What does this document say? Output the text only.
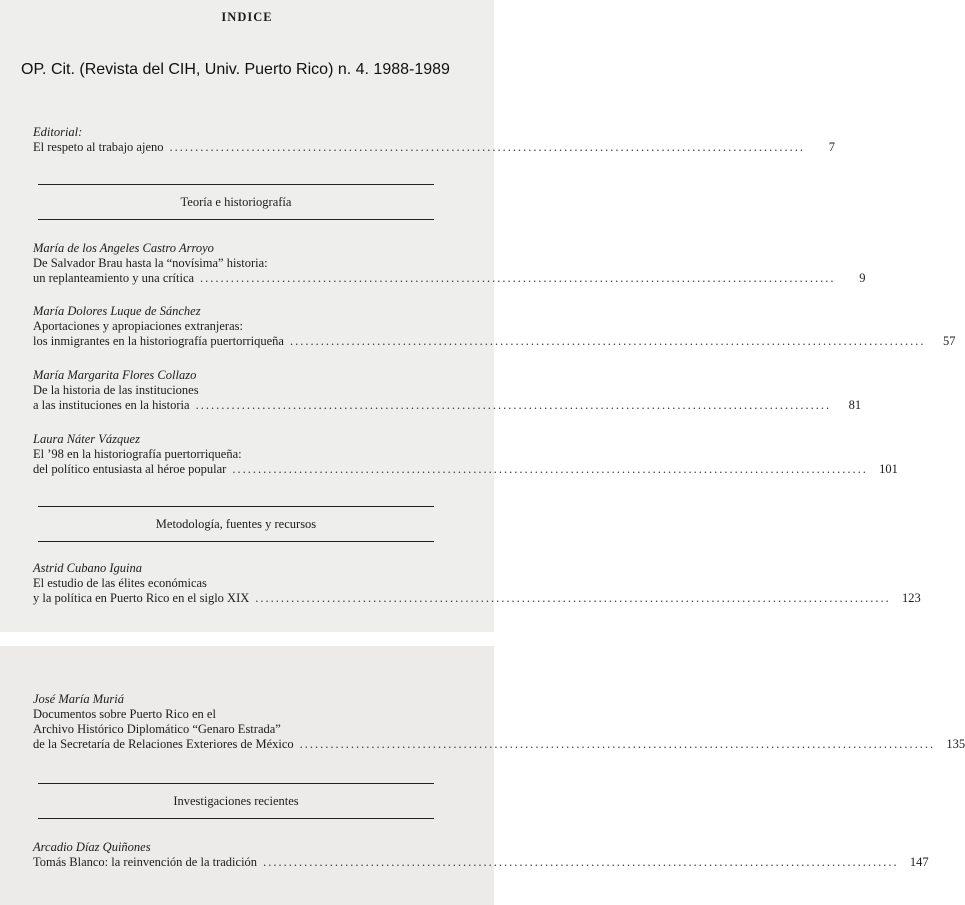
INDICE
OP. Cit. (Revista del CIH, Univ. Puerto Rico) n. 4. 1988-1989
Editorial:
El respeto al trabajo ajeno ............................................................................................................................	7
Teoría e historiografía
María de los Angeles Castro Arroyo
De Salvador Brau hasta la “novísima” historia:
un replanteamiento y una crítica ............................................................................................................................	9
María Dolores Luque de Sánchez
Aportaciones y apropiaciones extranjeras:
los inmigrantes en la historiografía puertorriqueña ............................................................................................................................	57
María Margarita Flores Collazo
De la historia de las instituciones
a las instituciones en la historia ............................................................................................................................	81
Laura Náter Vázquez
El ’98 en la historiografía puertorriqueña:
del político entusiasta al héroe popular ............................................................................................................................ 101
Metodología, fuentes y recursos
Astrid Cubano Iguina
El estudio de las élites económicas
y la política en Puerto Rico en el siglo XIX ............................................................................................................................ 123
José María Muriá
Documentos sobre Puerto Rico en el
Archivo Histórico Diplomático “Genaro Estrada”
de la Secretaría de Relaciones Exteriores de México ............................................................................................................................ 135
Investigaciones recientes
Arcadio Díaz Quiñones
Tomás Blanco: la reinvención de la tradición ............................................................................................................................ 147
